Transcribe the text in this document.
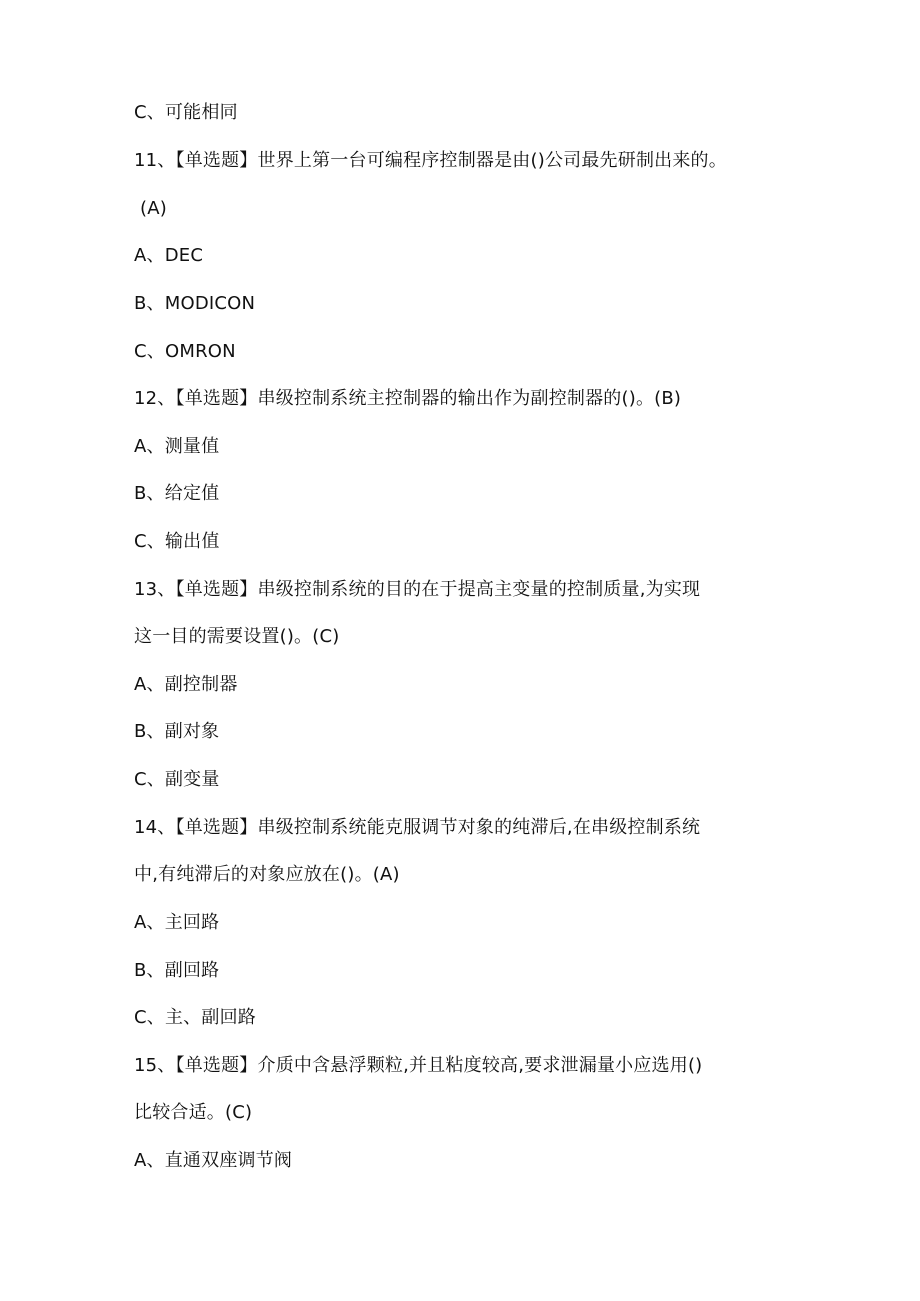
C、可能相同
11、【单选题】世界上第一台可编程序控制器是由()公司最先研制出来的。
(A)
A、DEC
B、MODICON
C、OMRON
12、【单选题】串级控制系统主控制器的输出作为副控制器的()。(B)
A、测量值
B、给定值
C、输出值
13、【单选题】串级控制系统的目的在于提高主变量的控制质量,为实现
这一目的需要设置()。(C)
A、副控制器
B、副对象
C、副变量
14、【单选题】串级控制系统能克服调节对象的纯滞后,在串级控制系统
中,有纯滞后的对象应放在()。(A)
A、主回路
B、副回路
C、主、副回路
15、【单选题】介质中含悬浮颗粒,并且粘度较高,要求泄漏量小应选用()
比较合适。(C)
A、直通双座调节阀
